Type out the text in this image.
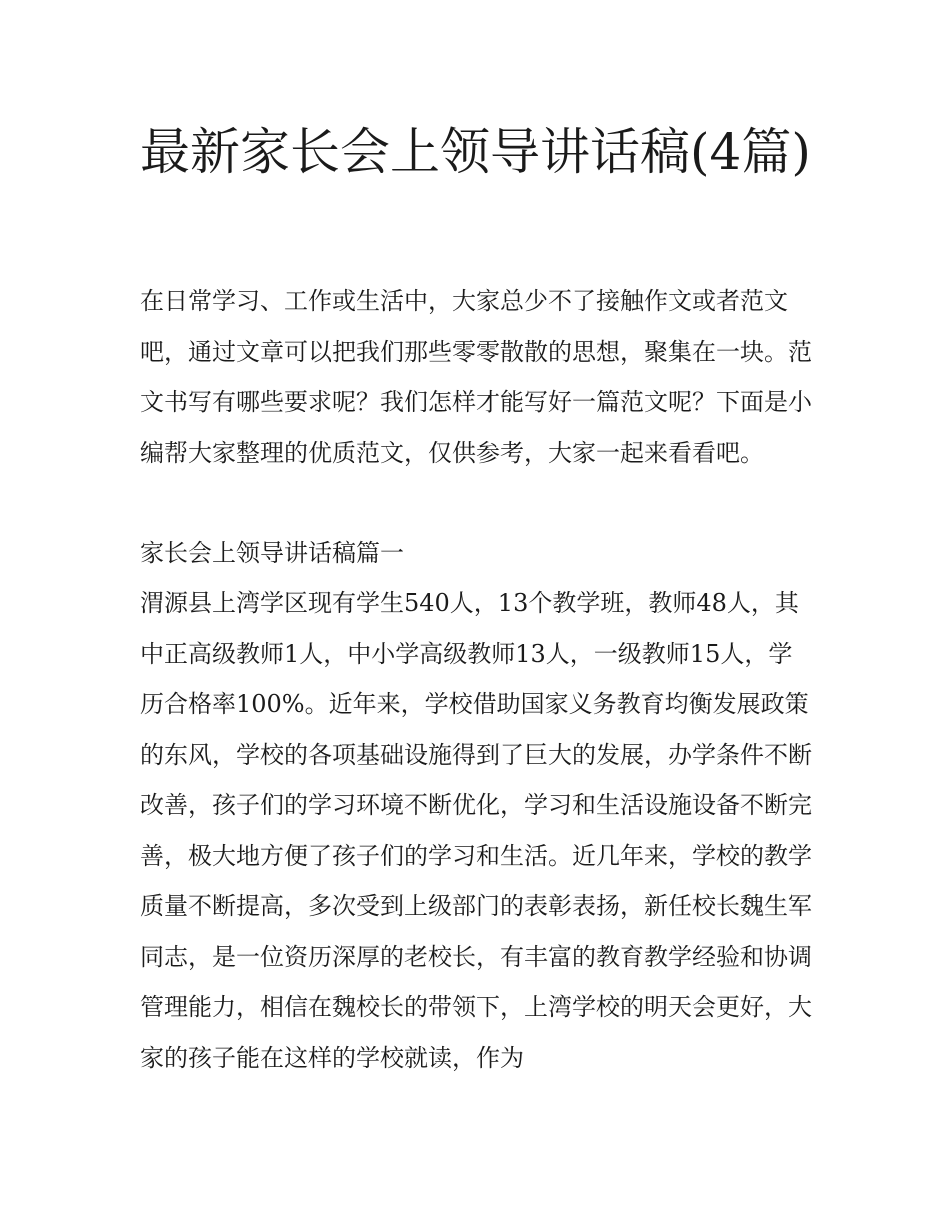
最新家长会上领导讲话稿(4篇)

在日常学习、工作或生活中，大家总少不了接触作文或者范文吧，通过文章可以把我们那些零零散散的思想，聚集在一块。范文书写有哪些要求呢？我们怎样才能写好一篇范文呢？下面是小编帮大家整理的优质范文，仅供参考，大家一起来看看吧。

家长会上领导讲话稿篇一

渭源县上湾学区现有学生540人，13个教学班，教师48人，其中正高级教师1人，中小学高级教师13人，一级教师15人，学历合格率100%。近年来，学校借助国家义务教育均衡发展政策的东风，学校的各项基础设施得到了巨大的发展，办学条件不断改善，孩子们的学习环境不断优化，学习和生活设施设备不断完善，极大地方便了孩子们的学习和生活。近几年来，学校的教学质量不断提高，多次受到上级部门的表彰表扬，新任校长魏生军同志，是一位资历深厚的老校长，有丰富的教育教学经验和协调管理能力，相信在魏校长的带领下，上湾学校的明天会更好，大家的孩子能在这样的学校就读，作为
